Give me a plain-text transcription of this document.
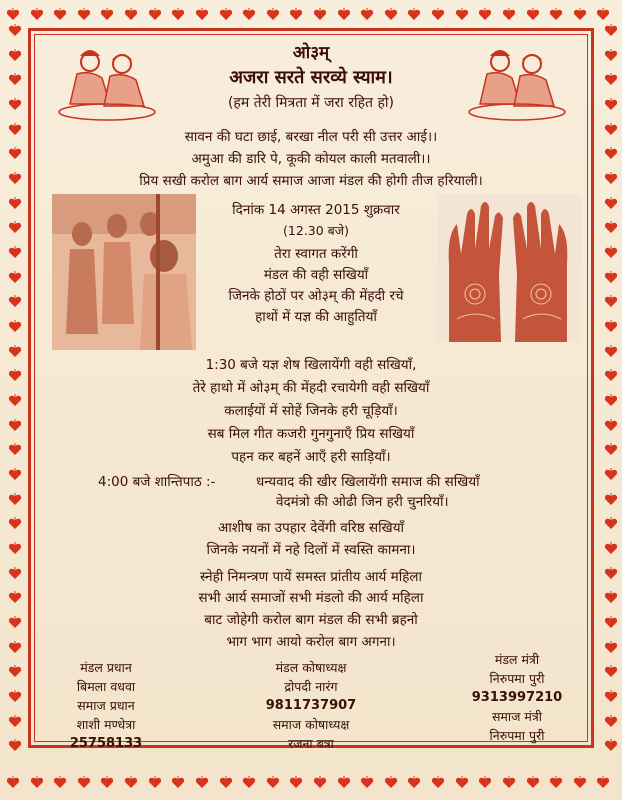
ओ३म्
अजरा सरते सरव्ये स्याम।
(हम तेरी मित्रता में जरा रहित हो)
सावन की घटा छाई, बरखा नील परी सी उत्तर आई।।
अमुआ की डारि पे, कूकी कोयल काली मतवाली।।
प्रिय सखी करोल बाग आर्य समाज आजा मंडल की होगी तीज हरियाली।
दिनांक 14 अगस्त 2015 शुक्रवार
(12.30 बजे)
तेरा स्वागत करेंगी
मंडल की वही सखियाँ
जिनके होठों पर ओ३म् की मेंहदी रचे
हाथों में यज्ञ की आहुतियाँ
1:30 बजे यज्ञ शेष खिलायेंगी वही सखियाँ,
तेरे हाथो में ओ३म् की मेंहदी रचायेगी वही सखियाँ
कलाईयों में सोहें जिनके हरी चूड़ियाँ।
सब मिल गीत कजरी गुनगुनाएँ प्रिय सखियाँ
पहन कर बहनें आएँ हरी साड़ियाँ।
4:00 बजे शान्तिपाठ :-	धन्यवाद की खीर खिलायेंगी समाज की सखियाँ
वेदमंत्रो की ओढी जिन हरी चुनरियाँ।
आशीष का उपहार देवेंगी वरिष्ठ सखियाँ
जिनके नयनों में नहे दिलों में स्वस्ति कामना।
स्नेही निमन्त्रण पायें समस्त प्रांतीय आर्य महिला
सभी आर्य समाजों सभी मंडलो की आर्य महिला
बाट जोहेगी करोल बाग मंडल की सभी ब्रहनो
भाग भाग आयो करोल बाग अगना।
मंडल प्रधान
बिमला वधवा
समाज प्रधान
शाशी मण्धेत्रा
25758133
मंडल कोषाध्यक्ष
द्रोपदी नारंग
9811737907
समाज कोषाध्यक्ष
रजना बत्रा
मंडल मंत्री
निरुपमा पुरी
9313997210
समाज मंत्री
निरुपमा पुरी
